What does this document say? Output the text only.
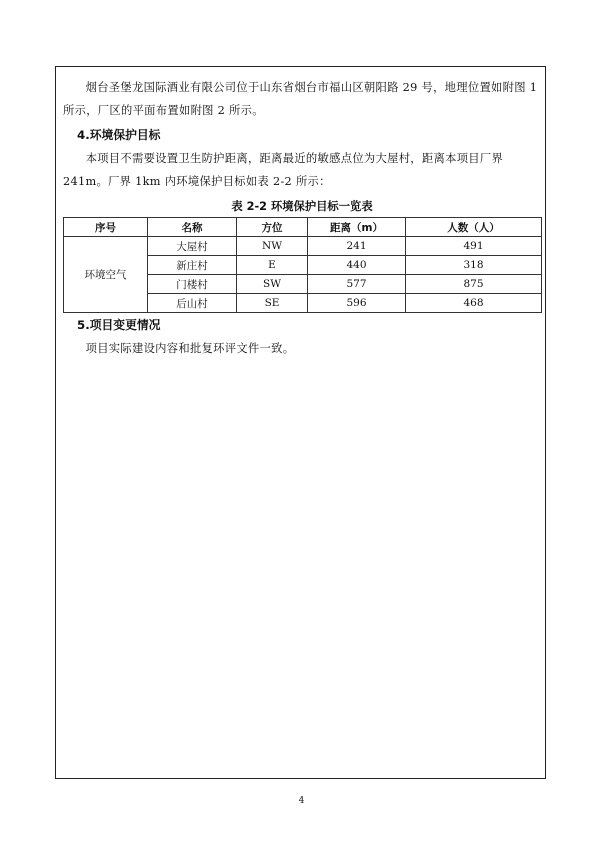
烟台圣堡龙国际酒业有限公司位于山东省烟台市福山区朝阳路 29 号，地理位置如附图 1 所示，厂区的平面布置如附图 2 所示。

4.环境保护目标

本项目不需要设置卫生防护距离，距离最近的敏感点位为大屋村，距离本项目厂界 241m。厂界 1km 内环境保护目标如表 2-2 所示：

表 2-2 环境保护目标一览表
序号	名称	方位	距离（m）	人数（人）
环境空气	大屋村	NW	241	491
	新庄村	E	440	318
	门楼村	SW	577	875
	后山村	SE	596	468
5.项目变更情况

项目实际建设内容和批复环评文件一致。

4
